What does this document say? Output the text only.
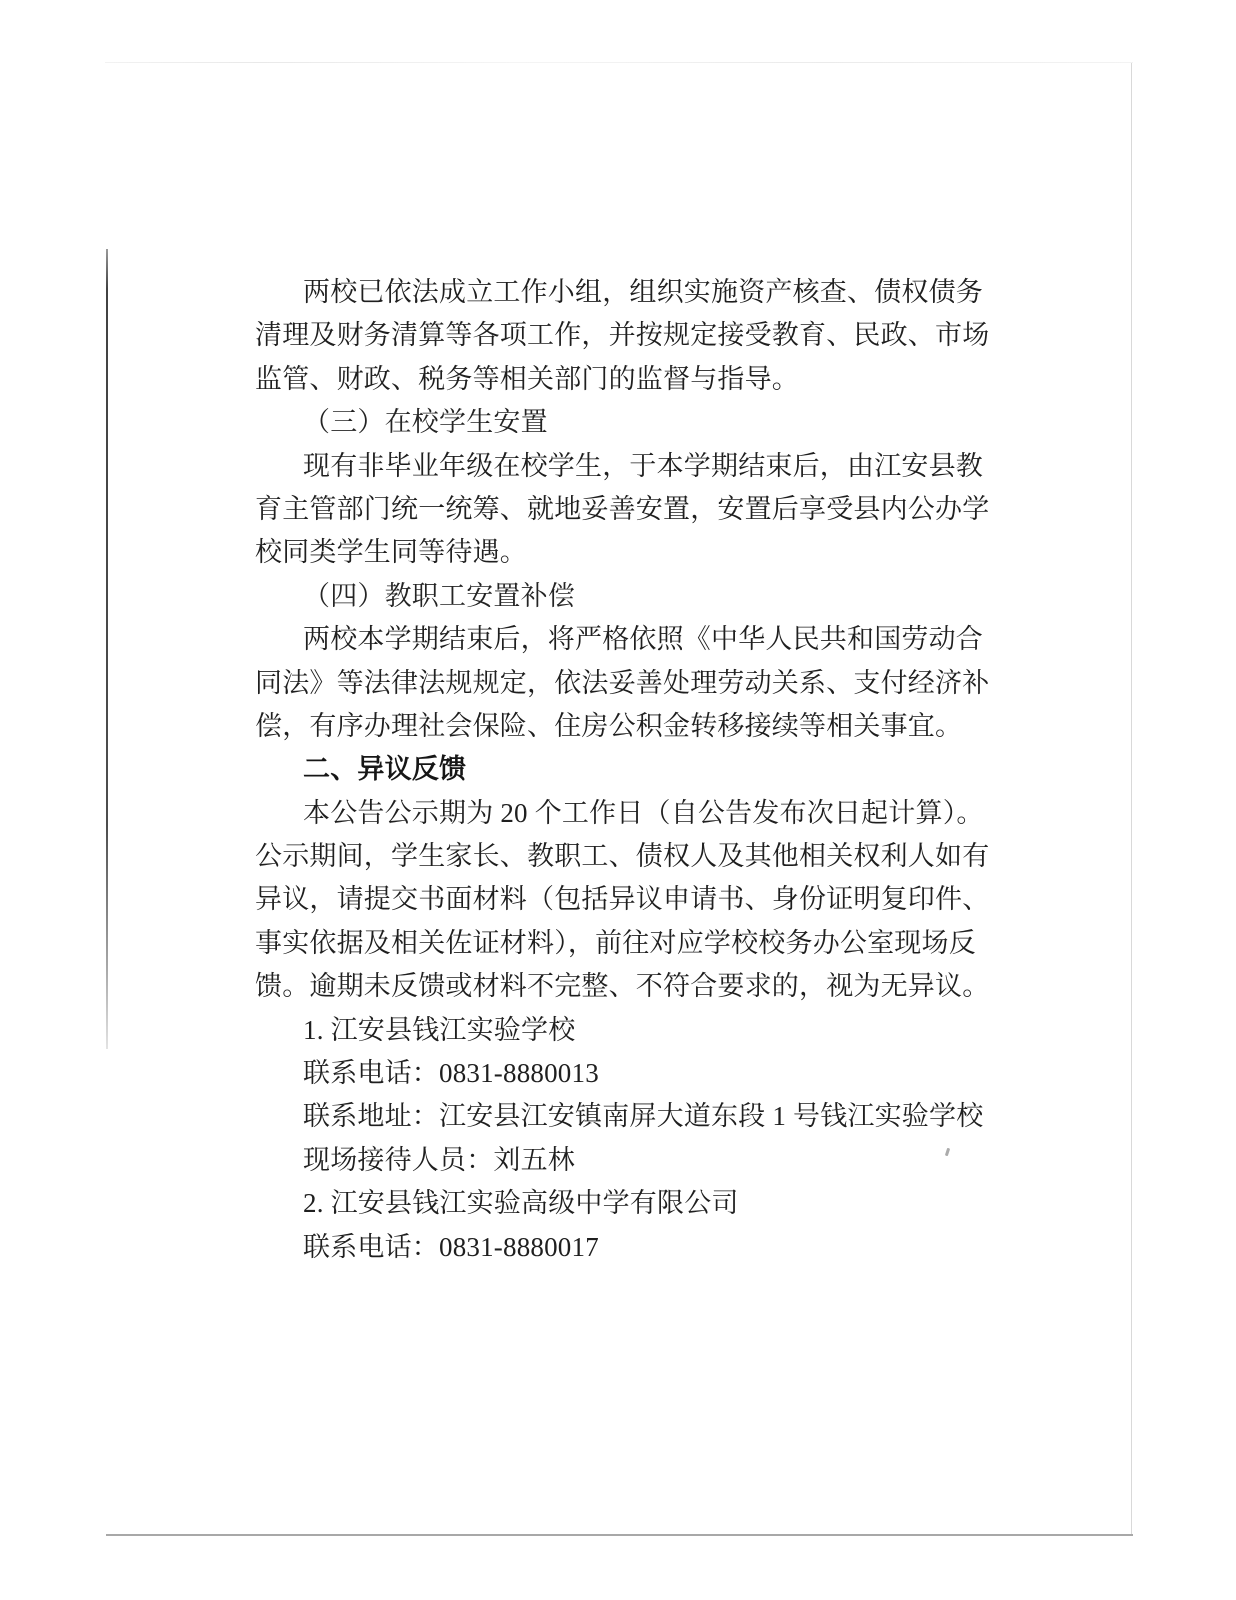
两校已依法成立工作小组，组织实施资产核查、债权债务
清理及财务清算等各项工作，并按规定接受教育、民政、市场
监管、财政、税务等相关部门的监督与指导。
（三）在校学生安置
现有非毕业年级在校学生，于本学期结束后，由江安县教
育主管部门统一统筹、就地妥善安置，安置后享受县内公办学
校同类学生同等待遇。
（四）教职工安置补偿
两校本学期结束后，将严格依照《中华人民共和国劳动合
同法》等法律法规规定，依法妥善处理劳动关系、支付经济补
偿，有序办理社会保险、住房公积金转移接续等相关事宜。
二、异议反馈
本公告公示期为 20 个工作日（自公告发布次日起计算）。
公示期间，学生家长、教职工、债权人及其他相关权利人如有
异议，请提交书面材料（包括异议申请书、身份证明复印件、
事实依据及相关佐证材料），前往对应学校校务办公室现场反
馈。逾期未反馈或材料不完整、不符合要求的，视为无异议。
1. 江安县钱江实验学校
联系电话：0831-8880013
联系地址：江安县江安镇南屏大道东段 1 号钱江实验学校
现场接待人员：刘五林
2. 江安县钱江实验高级中学有限公司
联系电话：0831-8880017
